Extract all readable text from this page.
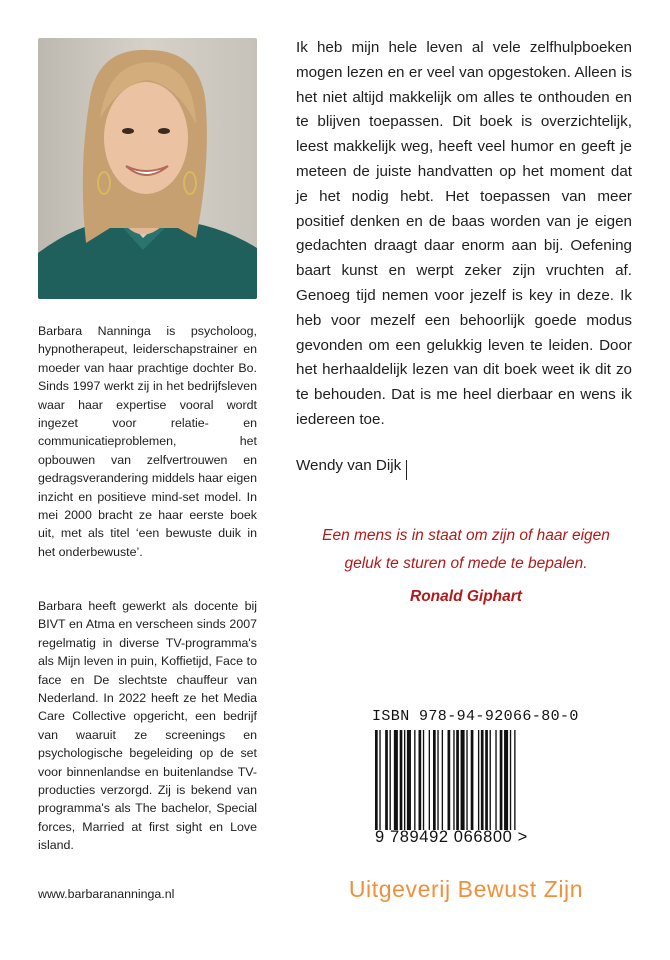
Barbara Nanninga is psycholoog, hypnotherapeut, leiderschapstrainer en moeder van haar prachtige dochter Bo. Sinds 1997 werkt zij in het bedrijfsleven waar haar expertise vooral wordt ingezet voor relatie- en communicatieproblemen, het opbouwen van zelfvertrouwen en gedragsverandering middels haar eigen inzicht en positieve mind-set model. In mei 2000 bracht ze haar eerste boek uit, met als titel ‘een bewuste duik in het onderbewuste’.

Barbara heeft gewerkt als docente bij BIVT en Atma en verscheen sinds 2007 regelmatig in diverse TV-programma's als Mijn leven in puin, Koffietijd, Face to face en De slechtste chauffeur van Nederland. In 2022 heeft ze het Media Care Collective opgericht, een bedrijf van waaruit ze screenings en psychologische begeleiding op de set voor binnenlandse en buitenlandse TV-producties verzorgd. Zij is bekend van programma's als The bachelor, Special forces, Married at first sight en Love island.

www.barbarananninga.nl

Ik heb mijn hele leven al vele zelfhulpboeken mogen lezen en er veel van opgestoken. Alleen is het niet altijd makkelijk om alles te onthouden en te blijven toepassen. Dit boek is overzichtelijk, leest makkelijk weg, heeft veel humor en geeft je meteen de juiste handvatten op het moment dat je het nodig hebt. Het toepassen van meer positief denken en de baas worden van je eigen gedachten draagt daar enorm aan bij. Oefening baart kunst en werpt zeker zijn vruchten af. Genoeg tijd nemen voor jezelf is key in deze. Ik heb voor mezelf een behoorlijk goede modus gevonden om een gelukkig leven te leiden. Door het herhaaldelijk lezen van dit boek weet ik dit zo te behouden. Dat is me heel dierbaar en wens ik iedereen toe.

Wendy van Dijk
Een mens is in staat om zijn of haar eigen
geluk te sturen of mede te bepalen.
Ronald Giphart
ISBN 978-94-92066-80-0
9 789492 066800 >
Uitgeverij Bewust Zijn
